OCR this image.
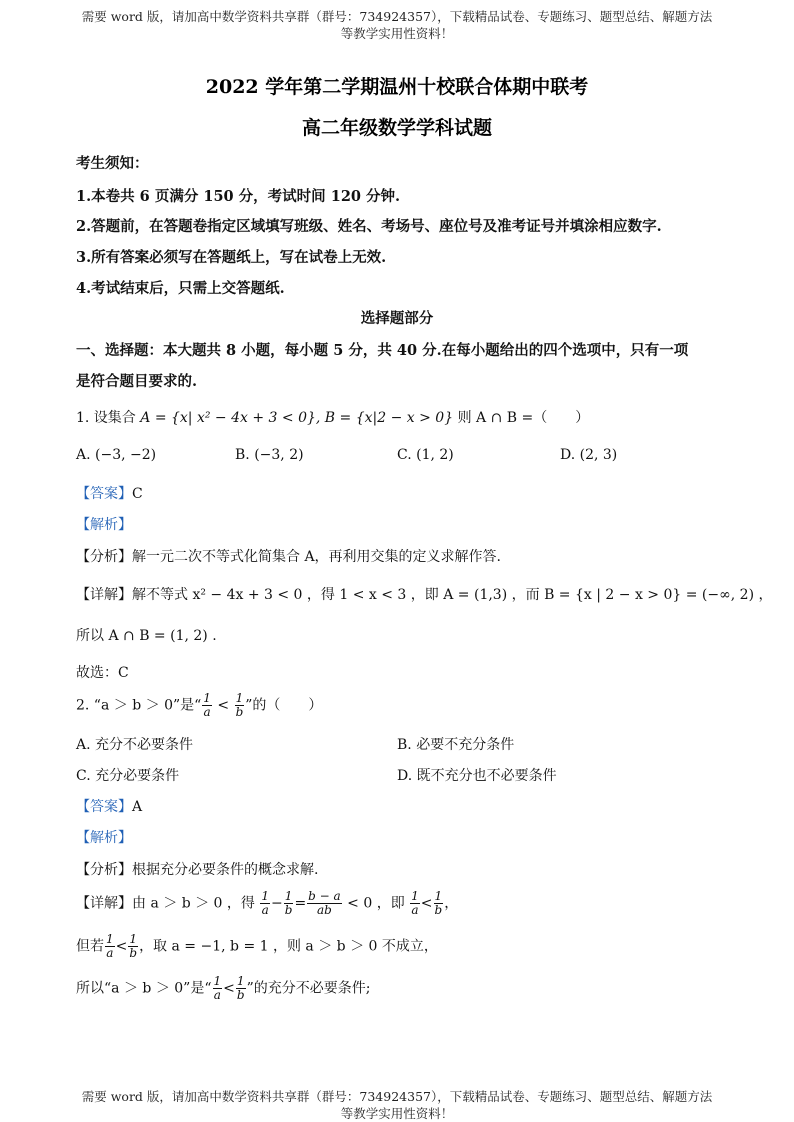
需要 word 版，请加高中数学资料共享群（群号：734924357），下载精品试卷、专题练习、题型总结、解题方法
等教学实用性资料！
2022 学年第二学期温州十校联合体期中联考
高二年级数学学科试题
考生须知：
1.本卷共 6 页满分 150 分，考试时间 120 分钟.
2.答题前，在答题卷指定区域填写班级、姓名、考场号、座位号及准考证号并填涂相应数字.
3.所有答案必须写在答题纸上，写在试卷上无效.
4.考试结束后，只需上交答题纸.
选择题部分
一、选择题：本大题共 8 小题，每小题 5 分，共 40 分.在每小题给出的四个选项中，只有一项
是符合题目要求的.
1. 设集合 A = {x| x² − 4x + 3 < 0}, B = {x|2 − x > 0} 则 A ∩ B =（　　）
A. (−3, −2)	B. (−3, 2)	C. (1, 2)	D. (2, 3)
【答案】C
【解析】
【分析】解一元二次不等式化简集合 A，再利用交集的定义求解作答.
【详解】解不等式 x² − 4x + 3 < 0 ，得 1 < x < 3 ，即 A = (1,3) ，而 B = {x | 2 − x > 0} = (−∞, 2) ，
所以 A ∩ B = (1, 2) .
故选：C
2. “a ＞ b ＞ 0”是“ $\frac{1}{a} < \frac{1}{b}$ ”的（　　）
A. 充分不必要条件	B. 必要不充分条件
C. 充分必要条件	D. 既不充分也不必要条件
【答案】A
【解析】
【分析】根据充分必要条件的概念求解.
【详解】由 a ＞ b ＞ 0 ，得 $\frac{1}{a} - \frac{1}{b} = \frac{b - a}{ab} < 0$ ，即 $\frac{1}{a} < \frac{1}{b}$ ，
但若 $\frac{1}{a} < \frac{1}{b}$ ，取 a = −1, b = 1 ，则 a ＞ b ＞ 0 不成立，
所以“a ＞ b ＞ 0”是“ $\frac{1}{a} < \frac{1}{b}$ ”的充分不必要条件;
需要 word 版，请加高中数学资料共享群（群号：734924357），下载精品试卷、专题练习、题型总结、解题方法
等教学实用性资料！
